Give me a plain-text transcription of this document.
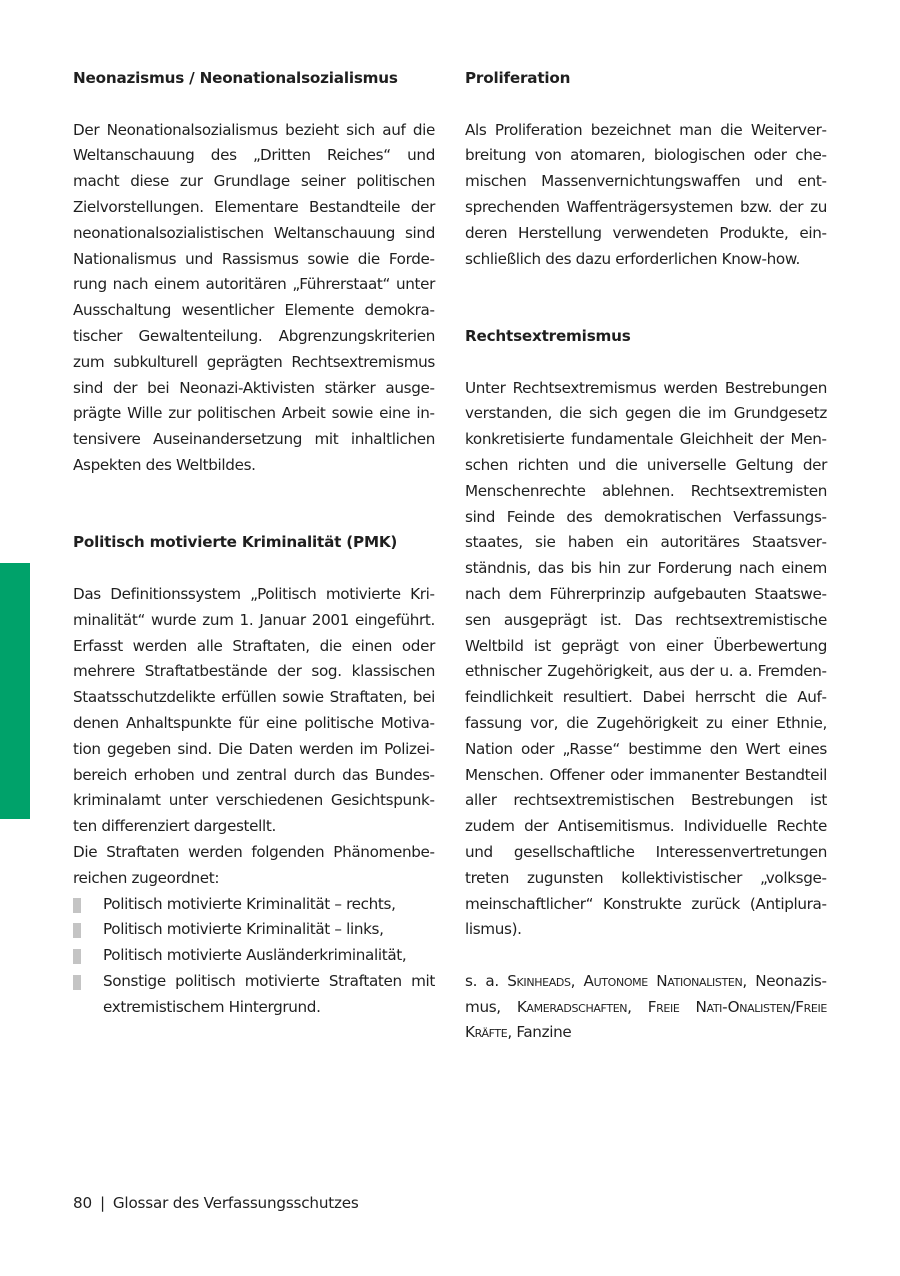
Neonazismus / Neonationalsozialismus

Der Neonationalsozialismus bezieht sich auf die Weltanschauung des „Dritten Reiches“ und macht diese zur Grundlage seiner politischen Zielvorstellungen. Elementare Bestandteile der neonationalsozialistischen Weltanschauung sind Nationalismus und Rassismus sowie die Forderung nach einem autoritären „Führerstaat“ unter Ausschaltung wesentlicher Elemente demokratischer Gewaltenteilung. Abgrenzungskriterien zum subkulturell geprägten Rechtsextremismus sind der bei Neonazi-Aktivisten stärker ausgeprägte Wille zur politischen Arbeit sowie eine intensivere Auseinandersetzung mit inhaltlichen Aspekten des Weltbildes.

Politisch motivierte Kriminalität (PMK)

Das Definitionssystem „Politisch motivierte Kriminalität“ wurde zum 1. Januar 2001 eingeführt. Erfasst werden alle Straftaten, die einen oder mehrere Straftatbestände der sog. klassischen Staatsschutzdelikte erfüllen sowie Straftaten, bei denen Anhaltspunkte für eine politische Motivation gegeben sind. Die Daten werden im Polizeibereich erhoben und zentral durch das Bundeskriminalamt unter verschiedenen Gesichtspunkten differenziert dargestellt.

Die Straftaten werden folgenden Phänomenbereichen zugeordnet:

Politisch motivierte Kriminalität – rechts,
Politisch motivierte Kriminalität – links,
Politisch motivierte Ausländerkriminalität,
Sonstige politisch motivierte Straftaten mit extremistischem Hintergrund.
Proliferation

Als Proliferation bezeichnet man die Weiterverbreitung von atomaren, biologischen oder chemischen Massenvernichtungswaffen und entsprechenden Waffenträgersystemen bzw. der zu deren Herstellung verwendeten Produkte, einschließlich des dazu erforderlichen Know-how.

Rechtsextremismus

Unter Rechtsextremismus werden Bestrebungen verstanden, die sich gegen die im Grundgesetz konkretisierte fundamentale Gleichheit der Menschen richten und die universelle Geltung der Menschenrechte ablehnen. Rechtsextremisten sind Feinde des demokratischen Verfassungsstaates, sie haben ein autoritäres Staatsverständnis, das bis hin zur Forderung nach einem nach dem Führerprinzip aufgebauten Staatswesen ausgeprägt ist. Das rechtsextremistische Weltbild ist geprägt von einer Überbewertung ethnischer Zugehörigkeit, aus der u. a. Fremdenfeindlichkeit resultiert. Dabei herrscht die Auffassung vor, die Zugehörigkeit zu einer Ethnie, Nation oder „Rasse“ bestimme den Wert eines Menschen. Offener oder immanenter Bestandteil aller rechtsextremistischen Bestrebungen ist zudem der Antisemitismus. Individuelle Rechte und gesellschaftliche Interessenvertretungen treten zugunsten kollektivistischer „volksgemeinschaftlicher“ Konstrukte zurück (Antipluralismus).

s. a. Skinheads, Autonome Nationalisten, Neonazismus, Kameradschaften, Freie Nati-Onalisten/Freie Kräfte, Fanzine

80 | Glossar des Verfassungsschutzes
